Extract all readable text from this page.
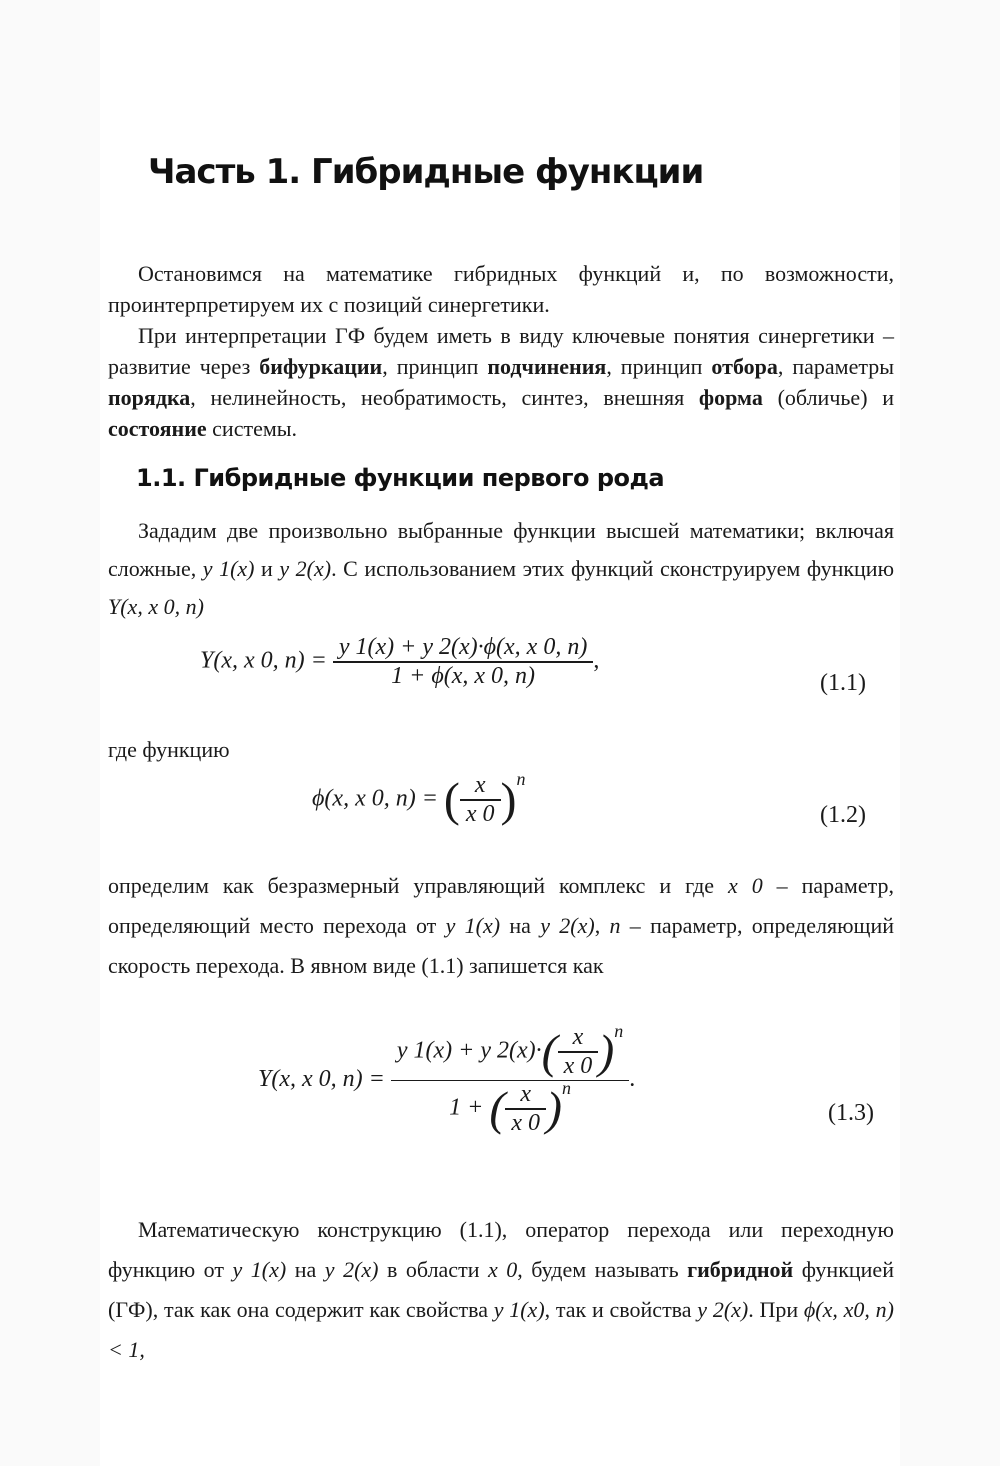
Часть 1. Гибридные функции

Остановимся на математике гибридных функций и, по возможности, проинтерпретируем их с позиций синергетики.

При интерпретации ГФ будем иметь в виду ключевые понятия синергетики – развитие через бифуркации, принцип подчинения, принцип отбора, параметры порядка, нелинейность, необратимость, синтез, внешняя форма (обличье) и состояние системы.

1.1. Гибридные функции первого рода

Зададим две произвольно выбранные функции высшей математики; включая сложные, y 1(x) и y 2(x). С использованием этих функций сконструируем функцию Y(x, x 0, n)

Y(x, x 0, $n) = \frac{y 1(x) + y 2(x)\cdot\phi(x, x 0, n)}{1 + \phi(x, x 0, n)}$ ,
(1.1)

где функцию

ϕ(x, x 0, n) = ( $\frac{x}{x 0} )^n$
(1.2)

определим как безразмерный управляющий комплекс и где x 0 – параметр, определяющий место перехода от y 1(x) на y 2(x), n – параметр, определяющий скорость перехода. В явном виде (1.1) запишется как

Y(x, x 0, $n) = \frac{y 1(x) + y 2(x)\cdot( \frac{x}{x 0} )^n}{1 + ( \frac{x}{x 0} )^n}$ .
(1.3)

Математическую конструкцию (1.1), оператор перехода или переходную функцию от y 1(x) на y 2(x) в области x 0, будем называть гибридной функцией (ГФ), так как она содержит как свойства y 1(x), так и свойства y 2(x). При ϕ(x, x0, n) < 1,
